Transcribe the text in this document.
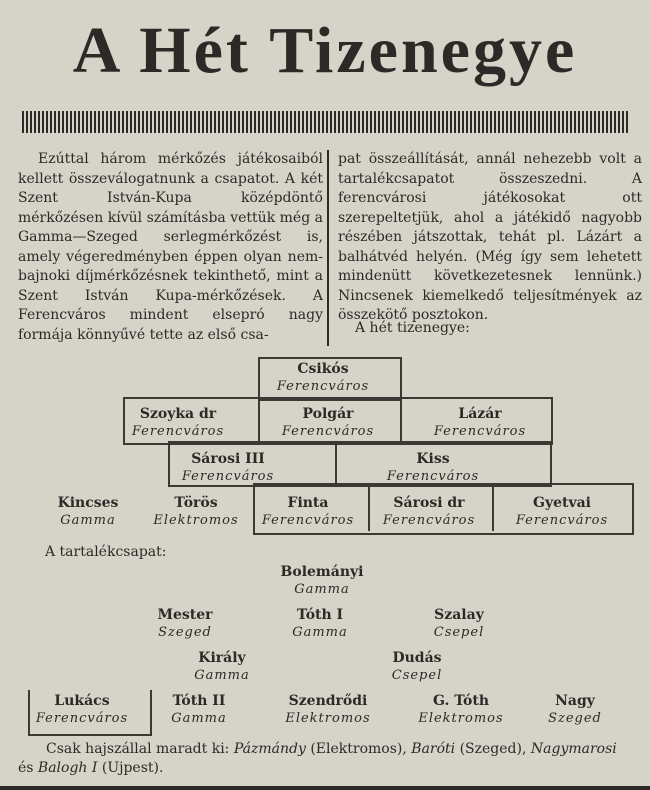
A Hét Tizenegye

Ezúttal három mérkőzés játékosaiból kellett összeválogatnunk a csapatot. A két Szent István-Kupa középdöntő mérkőzésen kívül számításba vettük még a Gamma—Szeged serlegmérkőzést is, amely végeredményben éppen olyan nem-bajnoki díjmérkőzésnek tekinthető, mint a Szent István Kupa-mérkőzések. A Ferencváros mindent elsepró nagy formája könnyűvé tette az első csa-

pat összeállítását, annál nehezebb volt a tartalékcsapatot összeszedni. A ferencvárosi játékosokat ott szerepeltetjük, ahol a játékidő nagyobb részében játszottak, tehát pl. Lázárt a balhátvéd helyén. (Még így sem lehetett mindenütt következetesnek lennünk.) Nincsenek kiemelkedő teljesítmények az összekötő posztokon.

A hét tizenegye:
Csikós
Ferencváros
Szoyka dr
Ferencváros
Polgár
Ferencváros
Lázár
Ferencváros
Sárosi III
Ferencváros
Kiss
Ferencváros
Kincses
Gamma
Törös
Elektromos
Finta
Ferencváros
Sárosi dr
Ferencváros
Gyetvai
Ferencváros
A tartalékcsapat:
Bolemányi
Gamma
Mester
Szeged
Tóth I
Gamma
Szalay
Csepel
Király
Gamma
Dudás
Csepel
Lukács
Ferencváros
Tóth II
Gamma
Szendrődi
Elektromos
G. Tóth
Elektromos
Nagy
Szeged

Csak hajszállal maradt ki: Pázmándy (Elektromos), Baróti (Szeged), Nagymarosi és Balogh I (Ujpest).
